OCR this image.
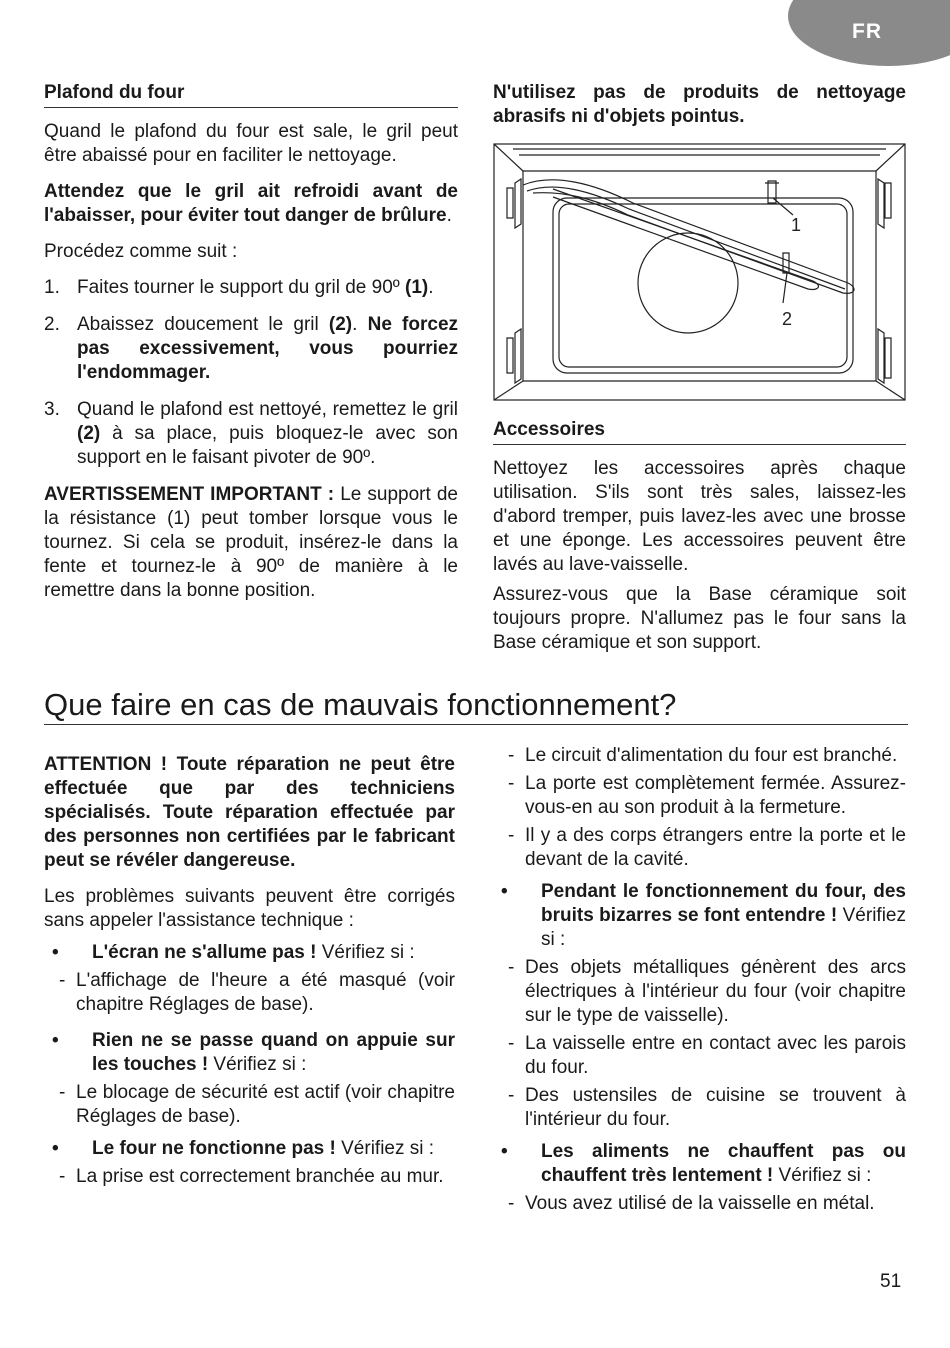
FR
Plafond du four

Quand le plafond du four est sale, le gril peut être abaissé pour en faciliter le nettoyage.

Attendez que le gril ait refroidi avant de l'abaisser, pour éviter tout danger de brûlure.

Procédez comme suit :

1. Faites tourner le support du gril de 90º (1).
2. Abaissez doucement le gril (2). Ne forcez pas excessivement, vous pourriez l'endommager.
3. Quand le plafond est nettoyé, remettez le gril (2) à sa place, puis bloquez-le avec son support en le faisant pivoter de 90º.

AVERTISSEMENT IMPORTANT : Le support de la résistance (1) peut tomber lorsque vous le tournez. Si cela se produit, insérez-le dans la fente et tournez-le à 90º de manière à le remettre dans la bonne position.

N'utilisez pas de produits de nettoyage abrasifs ni d'objets pointus.

1
2
Accessoires

Nettoyez les accessoires après chaque utilisation. S'ils sont très sales, laissez-les d'abord tremper, puis lavez-les avec une brosse et une éponge. Les accessoires peuvent être lavés au lave-vaisselle.

Assurez-vous que la Base céramique soit toujours propre. N'allumez pas le four sans la Base céramique et son support.

Que faire en cas de mauvais fonctionnement?

ATTENTION ! Toute réparation ne peut être effectuée que par des techniciens spécialisés. Toute réparation effectuée par des personnes non certifiées par le fabricant peut se révéler dangereuse.

Les problèmes suivants peuvent être corrigés sans appeler l'assistance technique :

• L'écran ne s'allume pas ! Vérifiez si :
- L'affichage de l'heure a été masqué (voir chapitre Réglages de base).
• Rien ne se passe quand on appuie sur les touches ! Vérifiez si :
- Le blocage de sécurité est actif (voir chapitre Réglages de base).
• Le four ne fonctionne pas ! Vérifiez si :
- La prise est correctement branchée au mur.
- Le circuit d'alimentation du four est branché.
- La porte est complètement fermée. Assurez-vous-en au son produit à la fermeture.
- Il y a des corps étrangers entre la porte et le devant de la cavité.
• Pendant le fonctionnement du four, des bruits bizarres se font entendre ! Vérifiez si :
- Des objets métalliques génèrent des arcs électriques à l'intérieur du four (voir chapitre sur le type de vaisselle).
- La vaisselle entre en contact avec les parois du four.
- Des ustensiles de cuisine se trouvent à l'intérieur du four.
• Les aliments ne chauffent pas ou chauffent très lentement ! Vérifiez si :
- Vous avez utilisé de la vaisselle en métal.
51
